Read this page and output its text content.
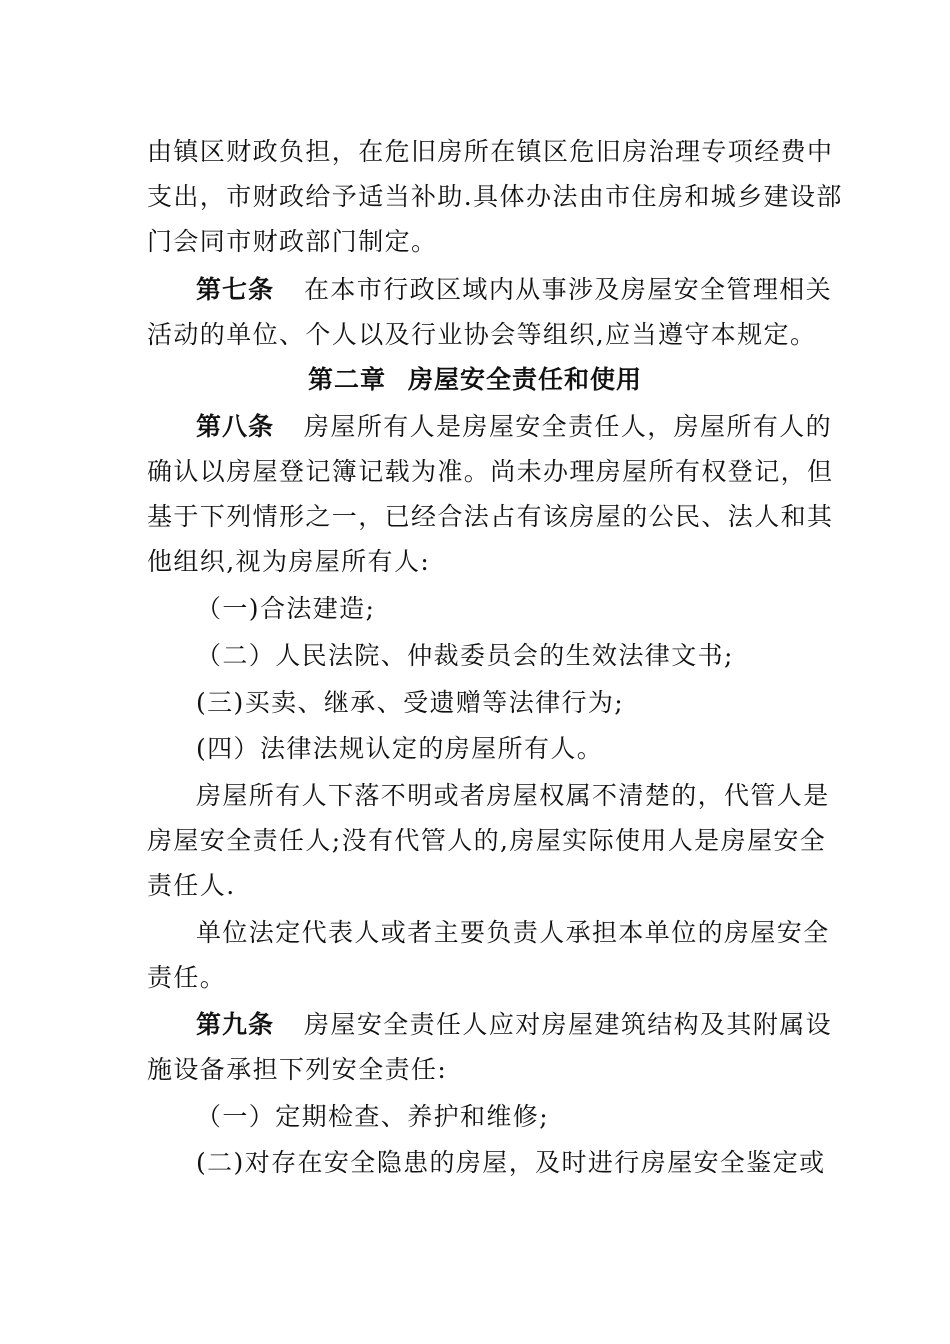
由镇区财政负担，在危旧房所在镇区危旧房治理专项经费中
支出，市财政给予适当补助.具体办法由市住房和城乡建设部
门会同市财政部门制定。
第七条 在本市行政区域内从事涉及房屋安全管理相关
活动的单位、个人以及行业协会等组织,应当遵守本规定。
第二章 房屋安全责任和使用
第八条 房屋所有人是房屋安全责任人，房屋所有人的
确认以房屋登记簿记载为准。尚未办理房屋所有权登记，但
基于下列情形之一，已经合法占有该房屋的公民、法人和其
他组织,视为房屋所有人:
（一)合法建造;
（二）人民法院、仲裁委员会的生效法律文书;
(三)买卖、继承、受遗赠等法律行为;
(四）法律法规认定的房屋所有人。
房屋所有人下落不明或者房屋权属不清楚的，代管人是
房屋安全责任人;没有代管人的,房屋实际使用人是房屋安全
责任人.
单位法定代表人或者主要负责人承担本单位的房屋安全
责任。
第九条 房屋安全责任人应对房屋建筑结构及其附属设
施设备承担下列安全责任:
（一）定期检查、养护和维修;
(二)对存在安全隐患的房屋，及时进行房屋安全鉴定或
